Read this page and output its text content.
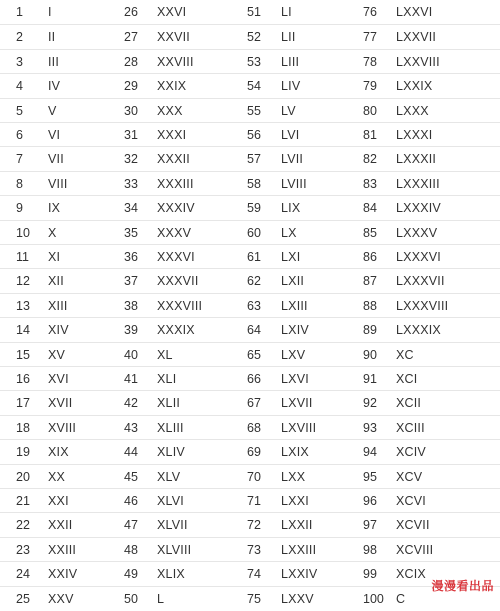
1 I	26 XXVI	51 LI	76 LXXVI
2 II	27 XXVII	52 LII	77 LXXVII
3 III	28 XXVIII	53 LIII	78 LXXVIII
4 IV	29 XXIX	54 LIV	79 LXXIX
5 V	30 XXX	55 LV	80 LXXX
6 VI	31 XXXI	56 LVI	81 LXXXI
7 VII	32 XXXII	57 LVII	82 LXXXII
8 VIII	33 XXXIII	58 LVIII	83 LXXXIII
9 IX	34 XXXIV	59 LIX	84 LXXXIV
10 X	35 XXXV	60 LX	85 LXXXV
11 XI	36 XXXVI	61 LXI	86 LXXXVI
12 XII	37 XXXVII	62 LXII	87 LXXXVII
13 XIII	38 XXXVIII	63 LXIII	88 LXXXVIII
14 XIV	39 XXXIX	64 LXIV	89 LXXXIX
15 XV	40 XL	65 LXV	90 XC
16 XVI	41 XLI	66 LXVI	91 XCI
17 XVII	42 XLII	67 LXVII	92 XCII
18 XVIII	43 XLIII	68 LXVIII	93 XCIII
19 XIX	44 XLIV	69 LXIX	94 XCIV
20 XX	45 XLV	70 LXX	95 XCV
21 XXI	46 XLVI	71 LXXI	96 XCVI
22 XXII	47 XLVII	72 LXXII	97 XCVII
23 XXIII	48 XLVIII	73 LXXIII	98 XCVIII
24 XXIV	49 XLIX	74 LXXIV	99 XCIX
25 XXV	50 L	75 LXXV	100 C
漫漫看出品
